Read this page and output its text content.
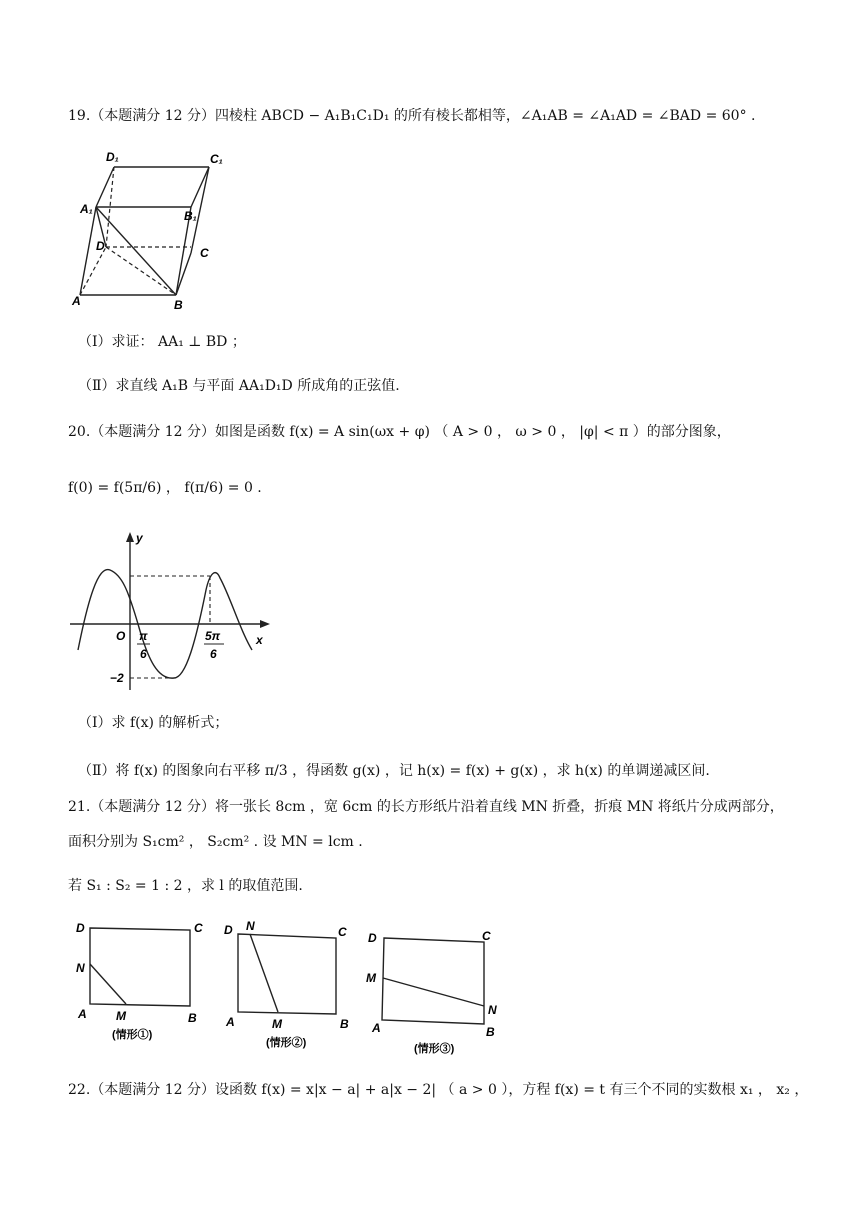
19.（本题满分 12 分）四棱柱 ABCD − A₁B₁C₁D₁ 的所有棱长都相等，∠A₁AB = ∠A₁AD = ∠BAD = 60° .
D₁	C₁
A₁	B₁
D	C
A	B
（Ⅰ）求证： AA₁ ⊥ BD ；
（Ⅱ）求直线 A₁B 与平面 AA₁D₁D 所成角的正弦值.
20.（本题满分 12 分）如图是函数 f(x) = A sin(ωx + φ) （ A > 0 ， ω > 0 ， |φ| < π ）的部分图象，
f(0) = f(5π/6) ， f(π/6) = 0 .
y
x
O π
6
5π
6
−2
（Ⅰ）求 f(x) 的解析式；
（Ⅱ）将 f(x) 的图象向右平移 π/3 ，得函数 g(x) ，记 h(x) = f(x) + g(x) ，求 h(x) 的单调递减区间.
21.（本题满分 12 分）将一张长 8cm ，宽 6cm 的长方形纸片沿着直线 MN 折叠，折痕 MN 将纸片分成两部分，
面积分别为 S₁cm² ， S₂cm² . 设 MN = lcm .
若 S₁ : S₂ = 1 : 2 ，求 l 的取值范围.
D	C
N
A M	B
(情形①)
D N	C
A	M	B
(情形②)
D	C
M
N
A	B
(情形③)
22.（本题满分 12 分）设函数 f(x) = x|x − a| + a|x − 2| （ a > 0 ），方程 f(x) = t 有三个不同的实数根 x₁ ， x₂ ，
